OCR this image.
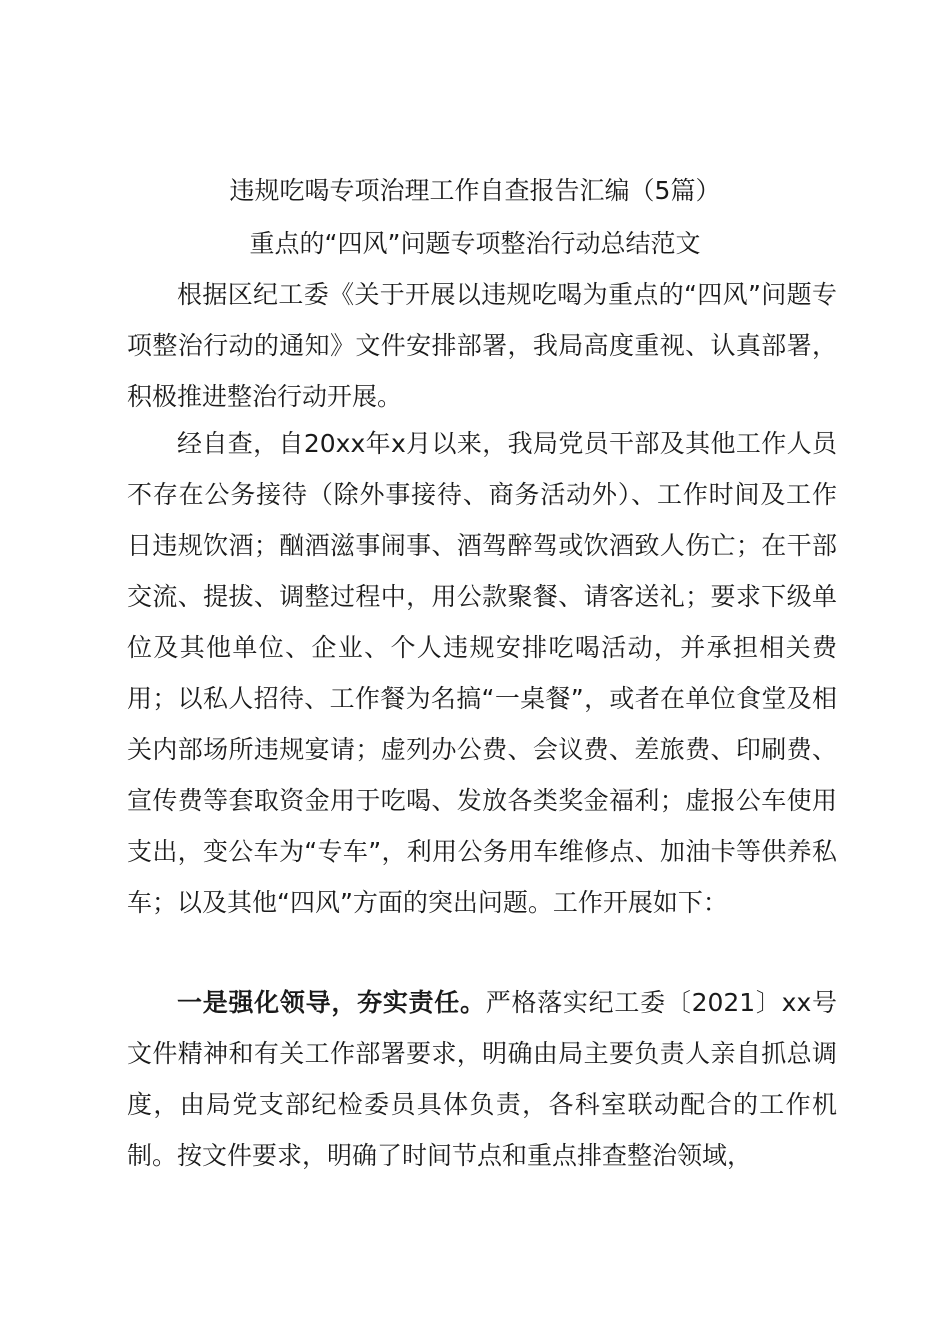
违规吃喝专项治理工作自查报告汇编（5篇）
重点的“四风”问题专项整治行动总结范文

根据区纪工委《关于开展以违规吃喝为重点的“四风”问题专项整治行动的通知》文件安排部署，我局高度重视、认真部署，积极推进整治行动开展。

经自查，自20xx年x月以来，我局党员干部及其他工作人员不存在公务接待（除外事接待、商务活动外）、工作时间及工作日违规饮酒；酗酒滋事闹事、酒驾醉驾或饮酒致人伤亡；在干部交流、提拔、调整过程中，用公款聚餐、请客送礼；要求下级单位及其他单位、企业、个人违规安排吃喝活动，并承担相关费用；以私人招待、工作餐为名搞“一桌餐”，或者在单位食堂及相关内部场所违规宴请；虚列办公费、会议费、差旅费、印刷费、宣传费等套取资金用于吃喝、发放各类奖金福利；虚报公车使用支出，变公车为“专车”，利用公务用车维修点、加油卡等供养私车；以及其他“四风”方面的突出问题。工作开展如下：

一是强化领导，夯实责任。严格落实纪工委〔2021〕xx号文件精神和有关工作部署要求，明确由局主要负责人亲自抓总调度，由局党支部纪检委员具体负责，各科室联动配合的工作机制。按文件要求，明确了时间节点和重点排查整治领域，
